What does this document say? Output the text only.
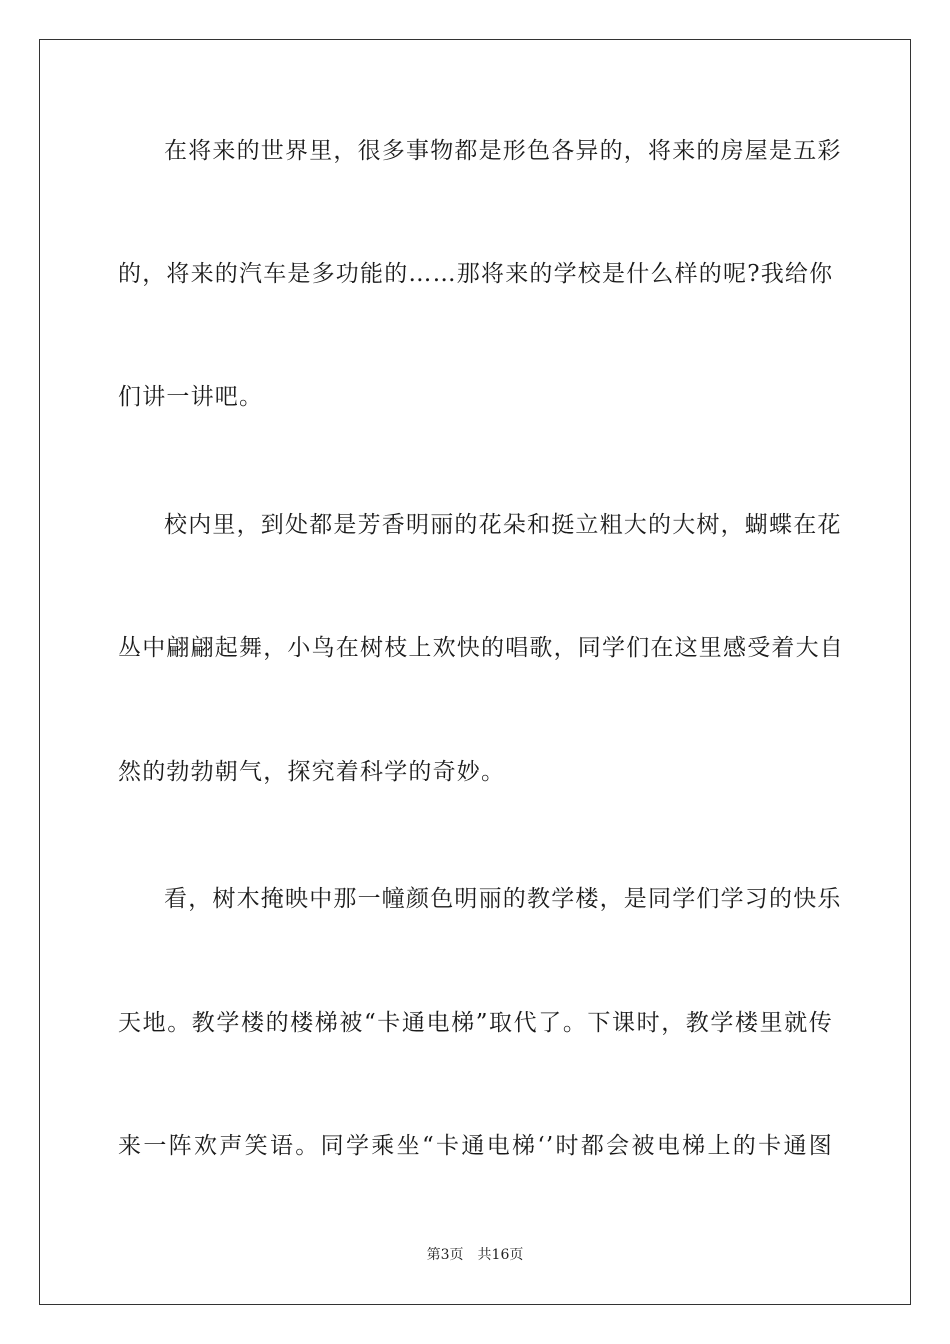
在将来的世界里，很多事物都是形色各异的，将来的房屋是五彩
的，将来的汽车是多功能的……那将来的学校是什么样的呢?我给你
们讲一讲吧。
校内里，到处都是芳香明丽的花朵和挺立粗大的大树，蝴蝶在花
丛中翩翩起舞，小鸟在树枝上欢快的唱歌，同学们在这里感受着大自
然的勃勃朝气，探究着科学的奇妙。
看，树木掩映中那一幢颜色明丽的教学楼，是同学们学习的快乐
天地。教学楼的楼梯被“卡通电梯”取代了。下课时，教学楼里就传
来一阵欢声笑语。同学乘坐“卡通电梯‘’时都会被电梯上的卡通图
第3页 共16页
